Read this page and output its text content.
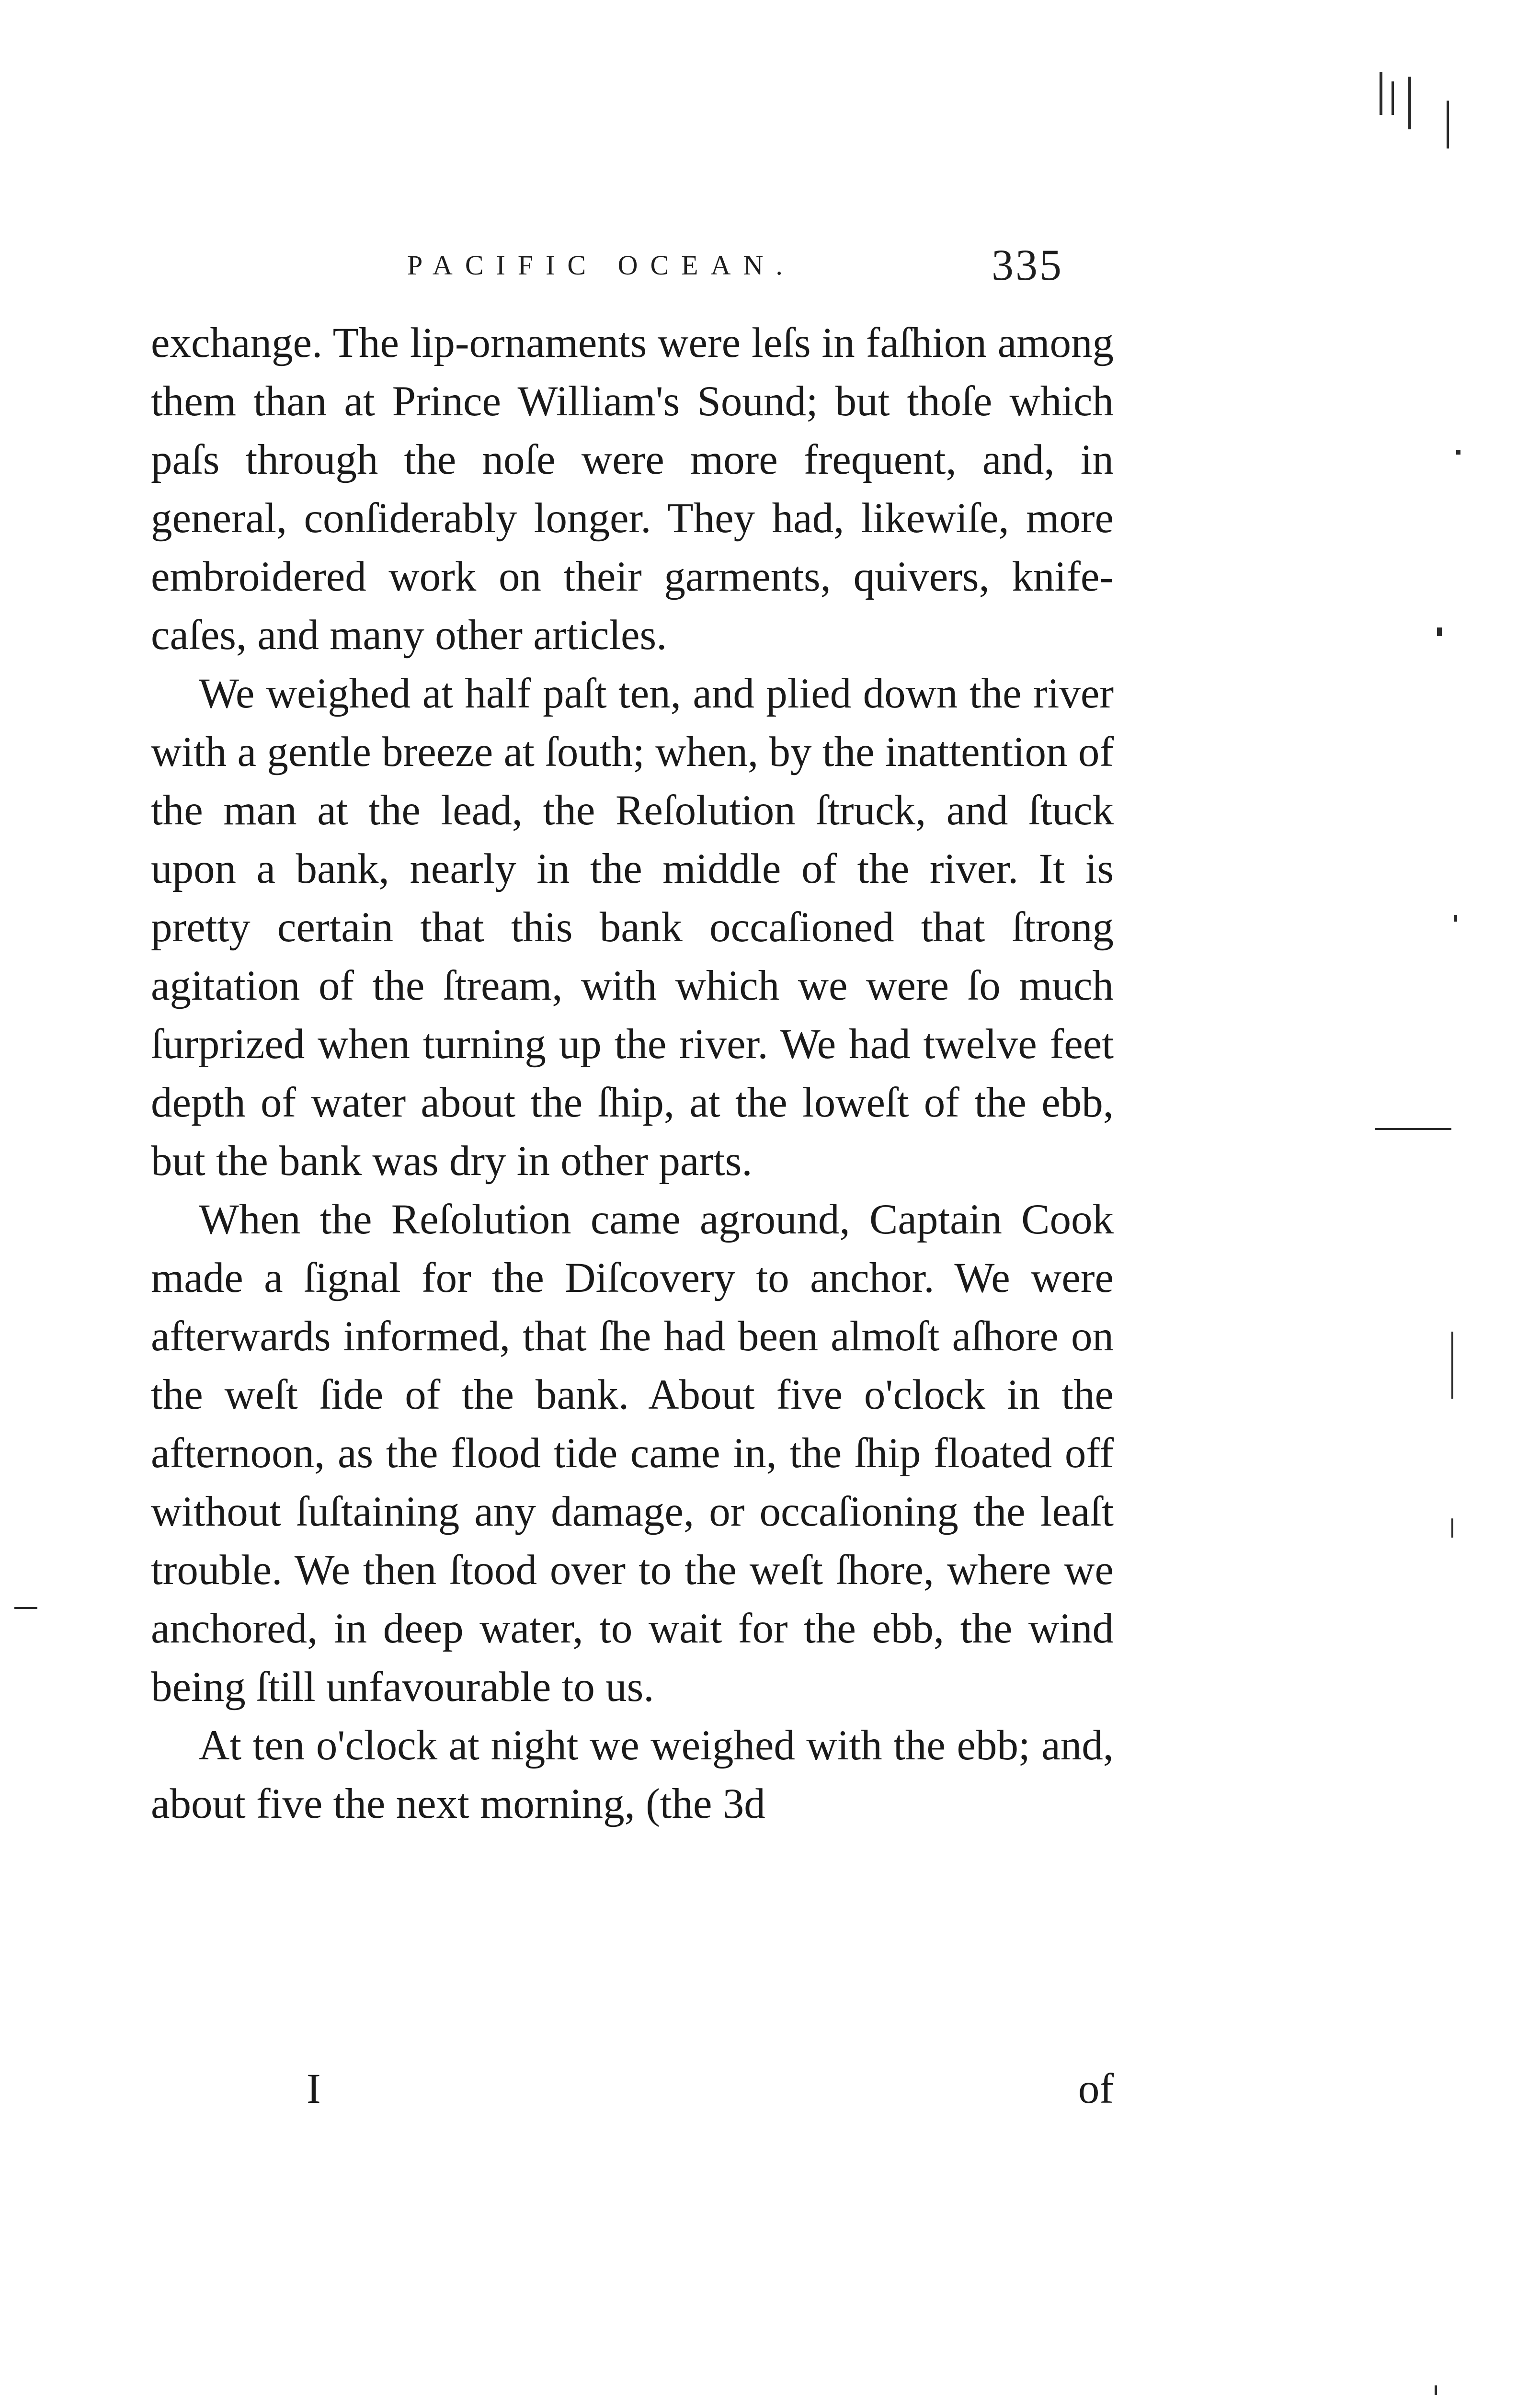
PACIFIC OCEAN.	335

exchange. The lip-ornaments were leſs in faſhion among them than at Prince William's Sound; but thoſe which paſs through the noſe were more frequent, and, in general, conſiderably longer. They had, likewiſe, more embroidered work on their garments, quivers, knife-caſes, and many other articles.

We weighed at half paſt ten, and plied down the river with a gentle breeze at ſouth; when, by the inattention of the man at the lead, the Reſolution ſtruck, and ſtuck upon a bank, nearly in the middle of the river. It is pretty certain that this bank occaſioned that ſtrong agitation of the ſtream, with which we were ſo much ſurprized when turning up the river. We had twelve feet depth of water about the ſhip, at the loweſt of the ebb, but the bank was dry in other parts.

When the Reſolution came aground, Captain Cook made a ſignal for the Diſcovery to anchor. We were afterwards informed, that ſhe had been almoſt aſhore on the weſt ſide of the bank. About five o'clock in the afternoon, as the flood tide came in, the ſhip floated off without ſuſtaining any damage, or occaſioning the leaſt trouble. We then ſtood over to the weſt ſhore, where we anchored, in deep water, to wait for the ebb, the wind being ſtill unfavourable to us.

At ten o'clock at night we weighed with the ebb; and, about five the next morning, (the 3d

I	of
